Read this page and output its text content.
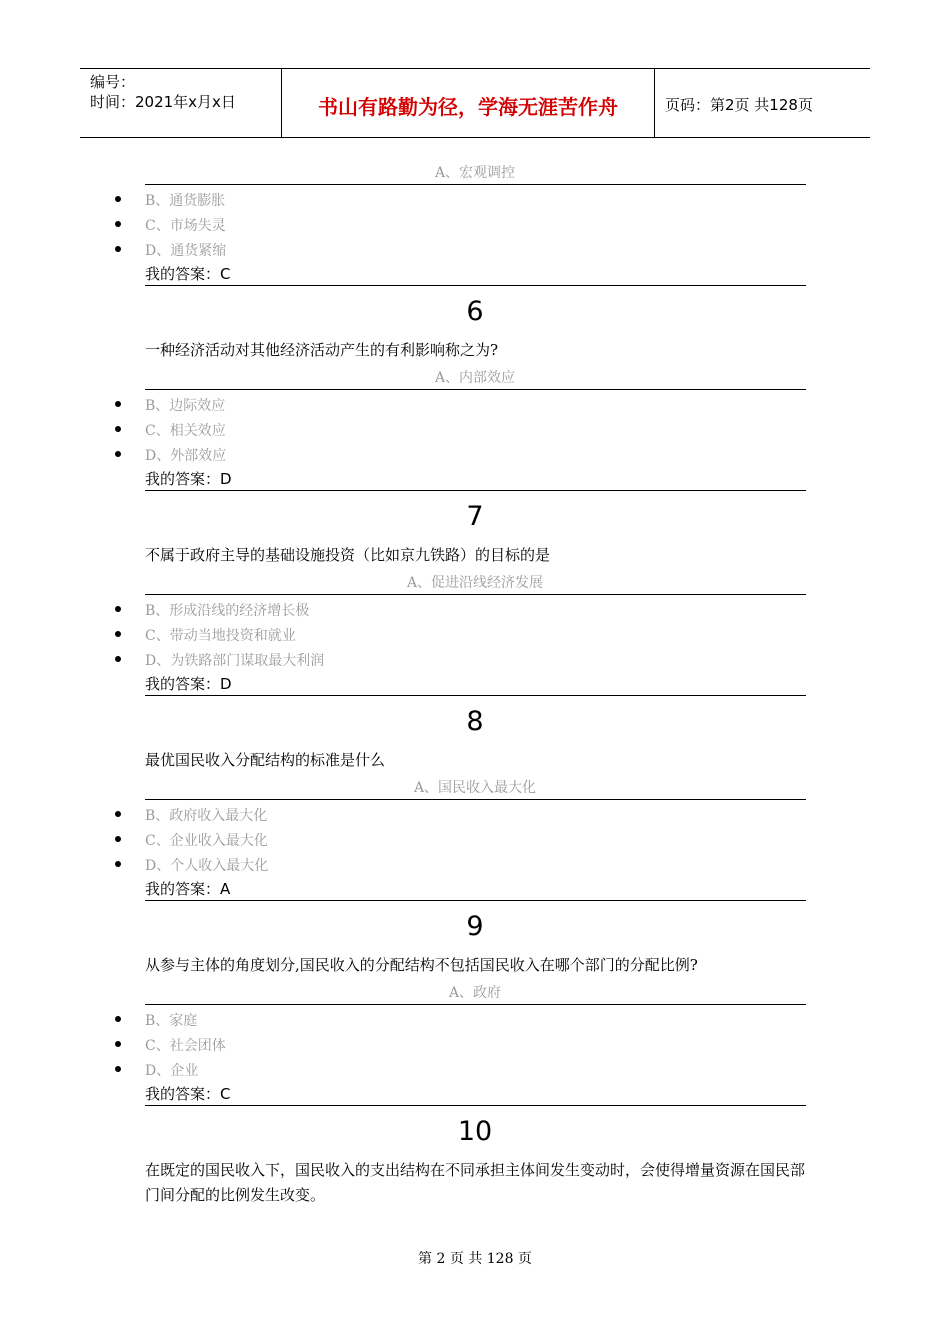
编号：
时间：2021年x月x日	书山有路勤为径，学海无涯苦作舟	页码：第2页 共128页
A、宏观调控
B、通货膨胀
C、市场失灵
D、通货紧缩
我的答案：C
6
一种经济活动对其他经济活动产生的有利影响称之为?
A、内部效应
B、边际效应
C、相关效应
D、外部效应
我的答案：D
7
不属于政府主导的基础设施投资（比如京九铁路）的目标的是
A、促进沿线经济发展
B、形成沿线的经济增长极
C、带动当地投资和就业
D、为铁路部门谋取最大利润
我的答案：D
8
最优国民收入分配结构的标准是什么
A、国民收入最大化
B、政府收入最大化
C、企业收入最大化
D、个人收入最大化
我的答案：A
9
从参与主体的角度划分,国民收入的分配结构不包括国民收入在哪个部门的分配比例?
A、政府
B、家庭
C、社会团体
D、企业
我的答案：C
10
在既定的国民收入下，国民收入的支出结构在不同承担主体间发生变动时，会使得增量资源在国民部门间分配的比例发生改变。
第 2 页 共 128 页
